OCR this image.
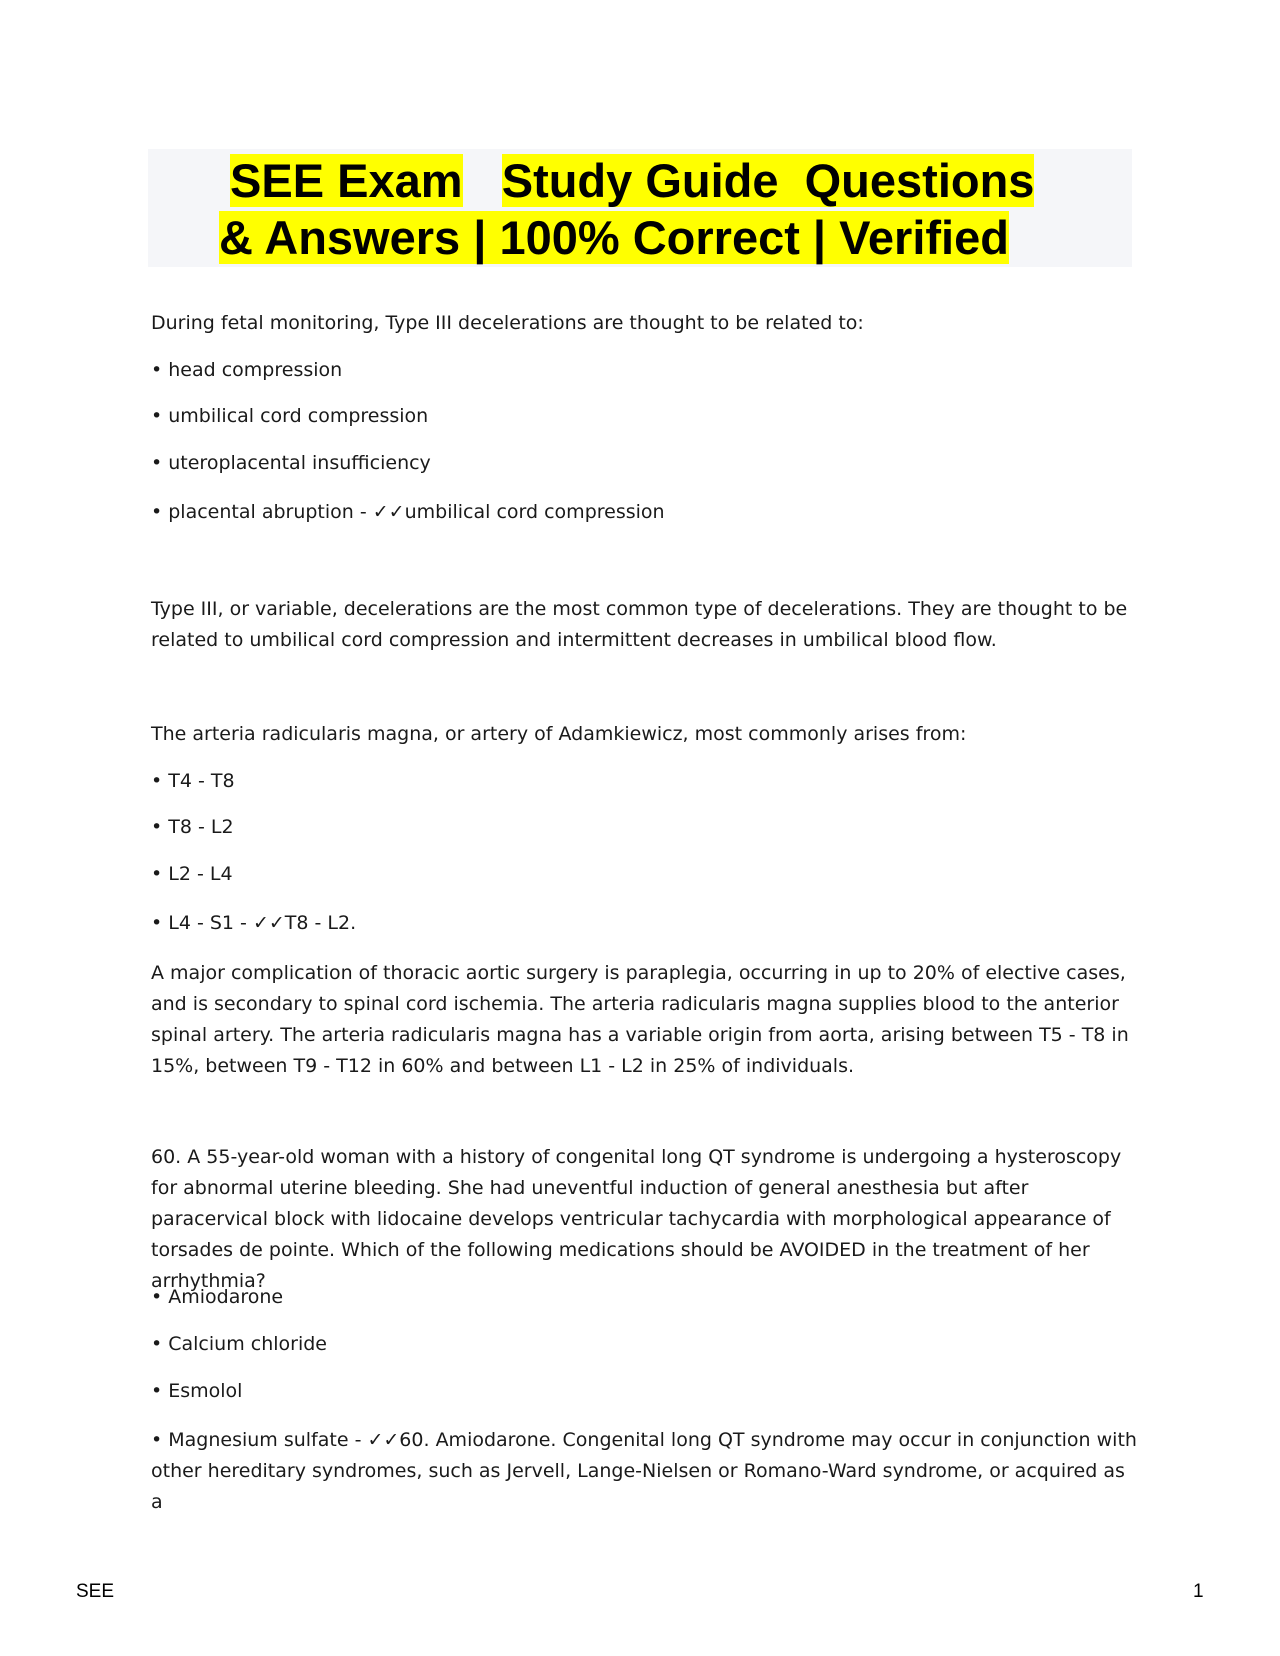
SEE Exam Study Guide  Questions
& Answers | 100% Correct | Verified
During fetal monitoring, Type III decelerations are thought to be related to:
• head compression
• umbilical cord compression
• uteroplacental insufficiency
• placental abruption - ✓✓umbilical cord compression
Type III, or variable, decelerations are the most common type of decelerations. They are thought to be related to umbilical cord compression and intermittent decreases in umbilical blood flow.
The arteria radicularis magna, or artery of Adamkiewicz, most commonly arises from:
• T4 - T8
• T8 - L2
• L2 - L4
• L4 - S1 - ✓✓T8 - L2.
A major complication of thoracic aortic surgery is paraplegia, occurring in up to 20% of elective cases, and is secondary to spinal cord ischemia. The arteria radicularis magna supplies blood to the anterior spinal artery. The arteria radicularis magna has a variable origin from aorta, arising between T5 - T8 in 15%, between T9 - T12 in 60% and between L1 - L2 in 25% of individuals.
60. A 55-year-old woman with a history of congenital long QT syndrome is undergoing a hysteroscopy for abnormal uterine bleeding. She had uneventful induction of general anesthesia but after paracervical block with lidocaine develops ventricular tachycardia with morphological appearance of torsades de pointe. Which of the following medications should be AVOIDED in the treatment of her arrhythmia?
• Amiodarone
• Calcium chloride
• Esmolol
• Magnesium sulfate - ✓✓60. Amiodarone. Congenital long QT syndrome may occur in conjunction with other hereditary syndromes, such as Jervell, Lange-Nielsen or Romano-Ward syndrome, or acquired as a
SEE	1
